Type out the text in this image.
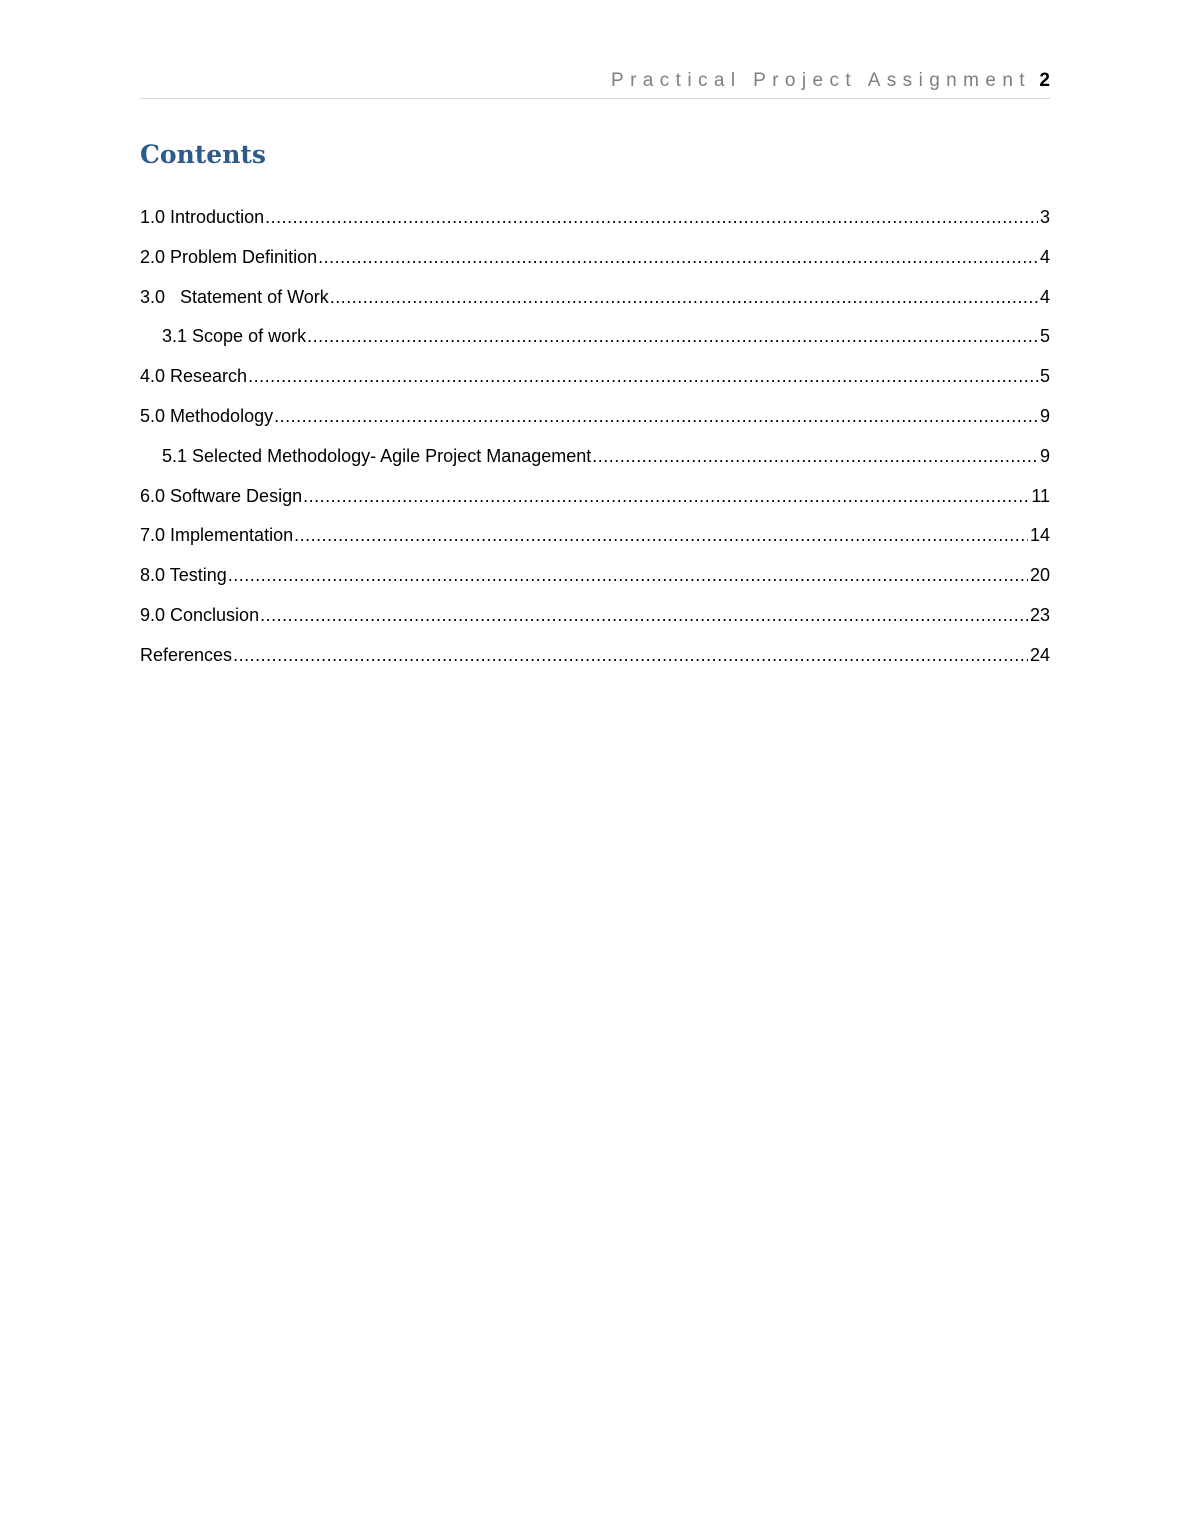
Practical Project Assignment 2
Contents
1.0 Introduction .....	3
2.0 Problem Definition .....	4
3.0   Statement of Work .....	4
3.1 Scope of work .....	5
4.0 Research .....	5
5.0 Methodology .....	9
5.1 Selected Methodology- Agile Project Management .....	9
6.0 Software Design .....	11
7.0 Implementation .....	14
8.0 Testing .....	20
9.0 Conclusion .....	23
References .....	24
